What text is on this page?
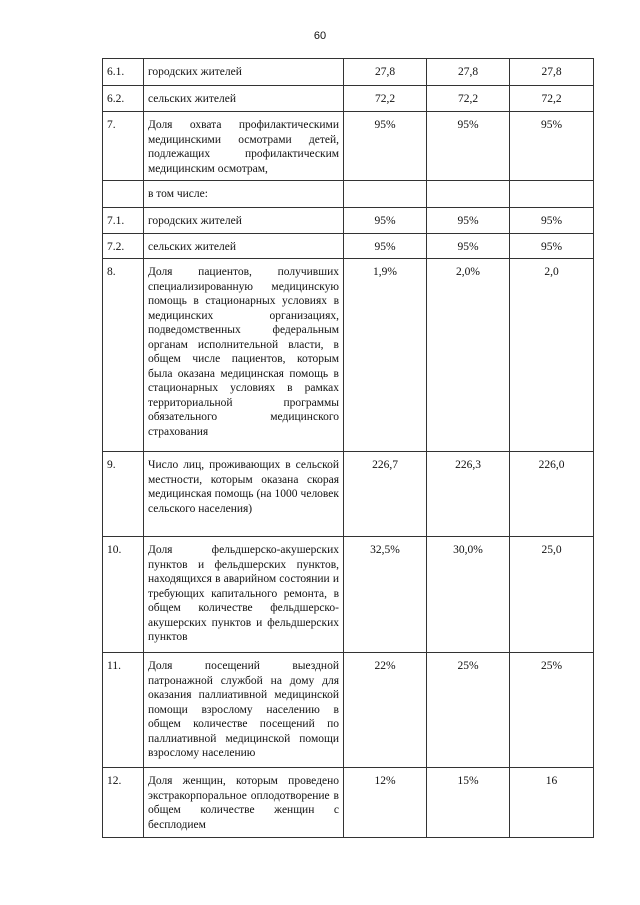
60
6.1.	городских жителей	27,8	27,8	27,8
6.2.	сельских жителей	72,2	72,2	72,2
7.	Доля охвата профилактическими медицинскими осмотрами детей, подлежащих профилактическим медицинским осмотрам,	95%	95%	95%
	в том числе:			
7.1.	городских жителей	95%	95%	95%
7.2.	сельских жителей	95%	95%	95%
8.	Доля пациентов, получивших специализированную медицинскую помощь в стационарных условиях в медицинских организациях, подведомственных федеральным органам исполнительной власти, в общем числе пациентов, которым была оказана медицинская помощь в стационарных условиях в рамках территориальной программы обязательного медицинского страхования	1,9%	2,0%	2,0
9.	Число лиц, проживающих в сельской местности, которым оказана скорая медицинская помощь (на 1000 человек сельского населения)	226,7	226,3	226,0
10.	Доля фельдшерско-акушерских пунктов и фельдшерских пунктов, находящихся в аварийном состоянии и требующих капитального ремонта, в общем количестве фельдшерско-акушерских пунктов и фельдшерских пунктов	32,5%	30,0%	25,0
11.	Доля посещений выездной патронажной службой на дому для оказания паллиативной медицинской помощи взрослому населению в общем количестве посещений по паллиативной медицинской помощи взрослому населению	22%	25%	25%
12.	Доля женщин, которым проведено экстракорпоральное оплодотворение в общем количестве женщин с бесплодием	12%	15%	16
